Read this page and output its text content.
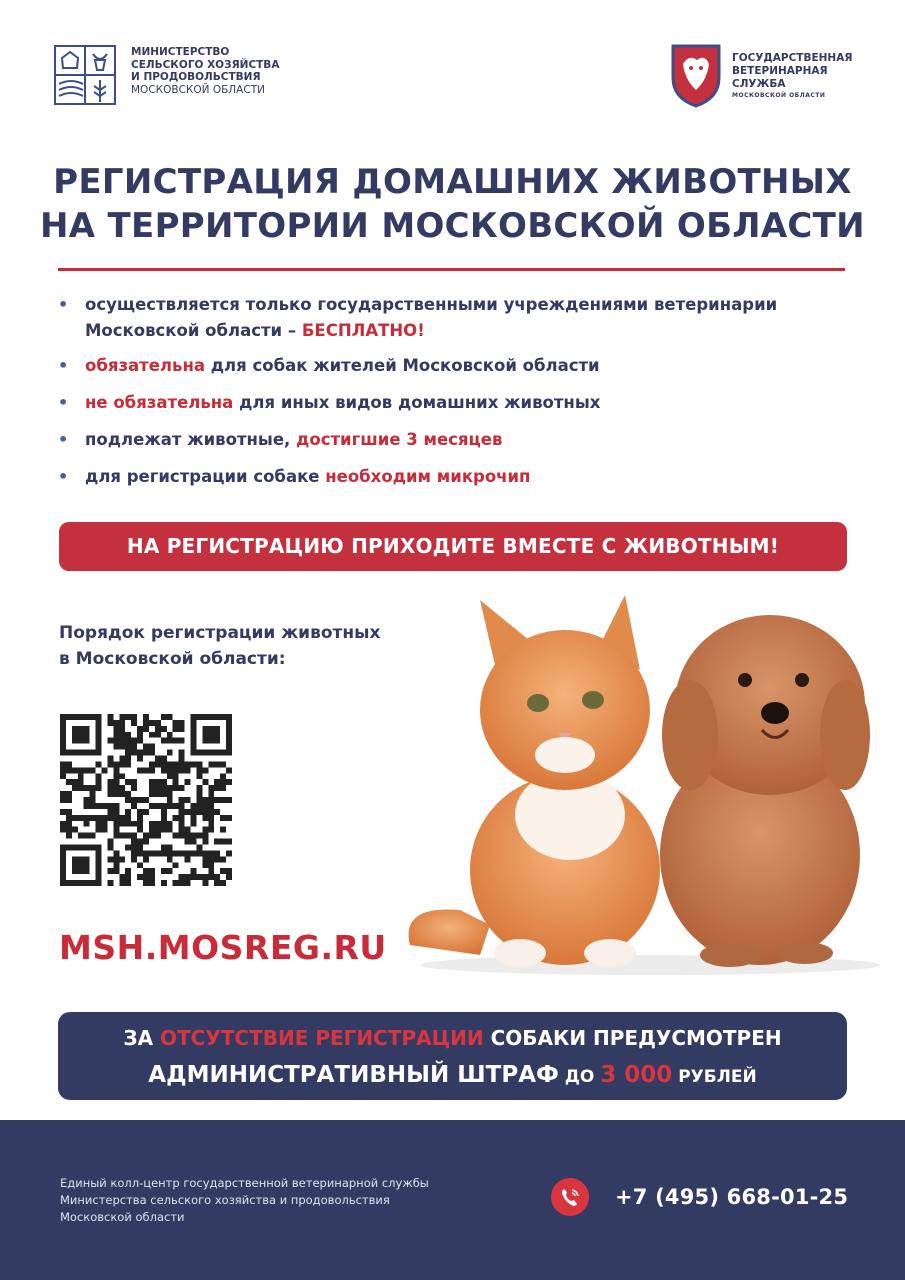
МИНИСТЕРСТВО
СЕЛЬСКОГО ХОЗЯЙСТВА
И ПРОДОВОЛЬСТВИЯ
МОСКОВСКОЙ ОБЛАСТИ
ГОСУДАРСТВЕННАЯ
ВЕТЕРИНАРНАЯ
СЛУЖБА
МОСКОВСКОЙ ОБЛАСТИ
РЕГИСТРАЦИЯ ДОМАШНИХ ЖИВОТНЫХ
НА ТЕРРИТОРИИ МОСКОВСКОЙ ОБЛАСТИ
• осуществляется только государственными учреждениями ветеринарии Московской области – БЕСПЛАТНО!
• обязательна для собак жителей Московской области
• не обязательна для иных видов домашних животных
• подлежат животные, достигшие 3 месяцев
• для регистрации собаке необходим микрочип
НА РЕГИСТРАЦИЮ ПРИХОДИТЕ ВМЕСТЕ С ЖИВОТНЫМ!
Порядок регистрации животных
в Московской области:
MSH.MOSREG.RU
ЗА ОТСУТСТВИЕ РЕГИСТРАЦИИ СОБАКИ ПРЕДУСМОТРЕН
АДМИНИСТРАТИВНЫЙ ШТРАФ ДО 3 000 РУБЛЕЙ
Единый колл-центр государственной ветеринарной службы
Министерства сельского хозяйства и продовольствия
Московской области
+7 (495) 668-01-25
